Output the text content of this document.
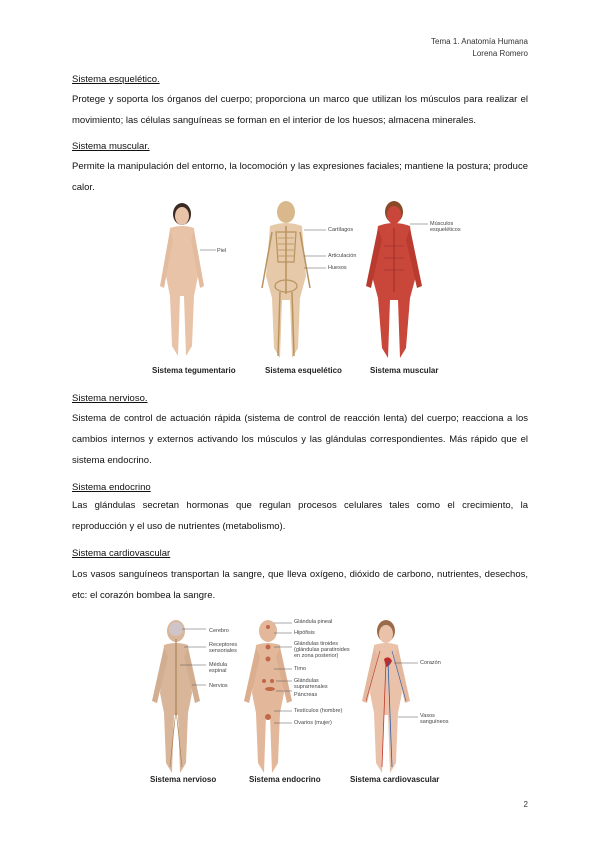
Tema 1. Anatomía Humana
Lorena Romero
Sistema esquelético.
Protege y soporta los órganos del cuerpo; proporciona un marco que utilizan los músculos para realizar el movimiento; las células sanguíneas se forman en el interior de los huesos; almacena minerales.
Sistema muscular.
Permite la manipulación del entorno, la locomoción y las expresiones faciales; mantiene la postura; produce calor.
Piel
Cartílagos
Articulación
Huesos
Músculos esqueléticos
Sistema tegumentario	Sistema esquelético	Sistema muscular
Sistema nervioso.
Sistema de control de actuación rápida (sistema de control de reacción lenta) del cuerpo; reacciona a los cambios internos y externos activando los músculos y las glándulas correspondientes. Más rápido que el sistema endocrino.
Sistema endocrino
Las glándulas secretan hormonas que regulan procesos celulares tales como el crecimiento, la reproducción y el uso de nutrientes (metabolismo).
Sistema cardiovascular
Los vasos sanguíneos transportan la sangre, que lleva oxígeno, dióxido de carbono, nutrientes, desechos, etc: el corazón bombea la sangre.
Cerebro
Receptores sensoriales
Médula espinal
Nervios
Glándula pineal
Hipófisis
Glándulas tiroides (glándulas paratiroides en zona posterior)
Timo
Glándulas suprarrenales
Páncreas
Testículos (hombre)
Ovarios (mujer)
Corazón
Vasos sanguíneos
Sistema nervioso	Sistema endocrino	Sistema cardiovascular
2
